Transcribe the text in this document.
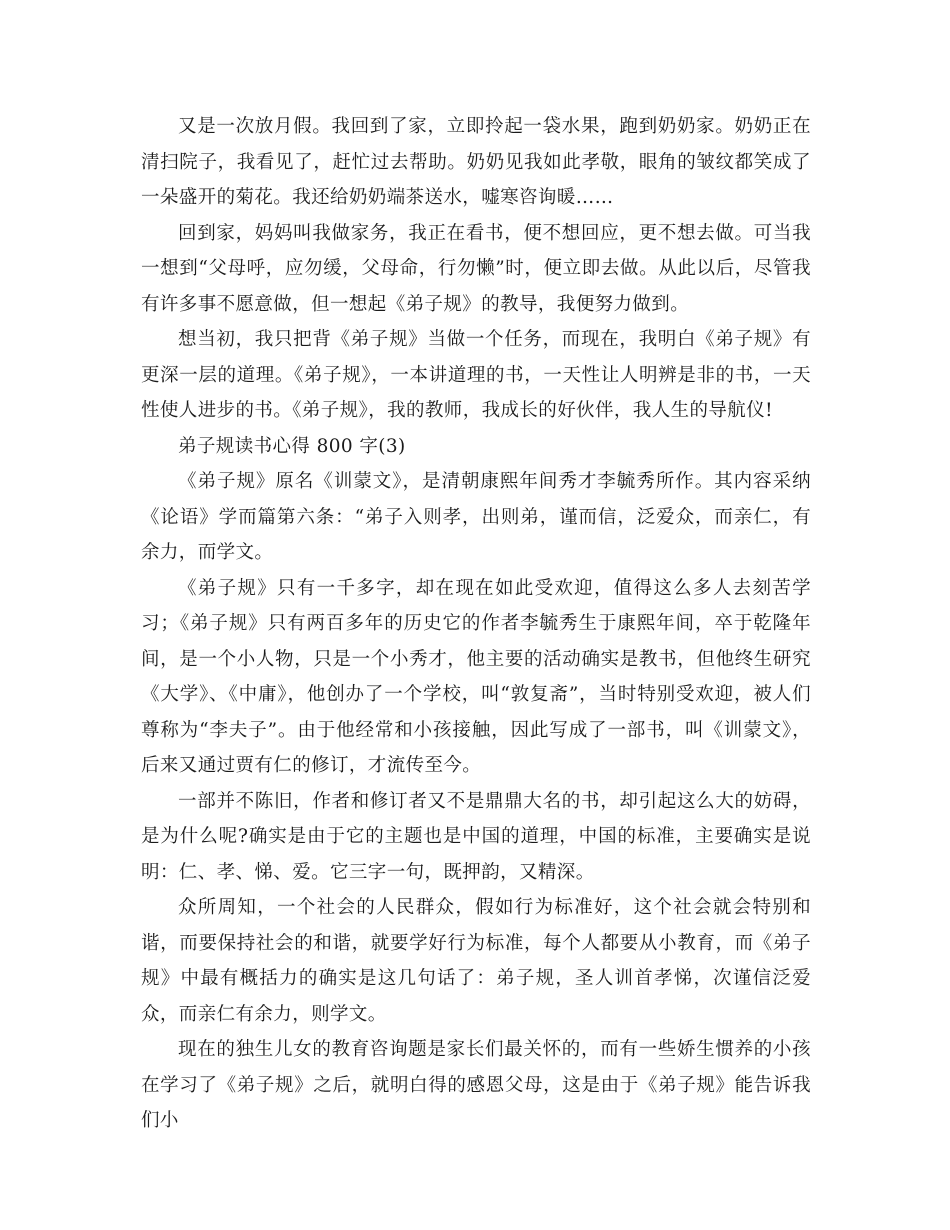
又是一次放月假。我回到了家，立即拎起一袋水果，跑到奶奶家。奶奶正在清扫院子，我看见了，赶忙过去帮助。奶奶见我如此孝敬，眼角的皱纹都笑成了一朵盛开的菊花。我还给奶奶端茶送水，嘘寒咨询暖……

回到家，妈妈叫我做家务，我正在看书，便不想回应，更不想去做。可当我一想到“父母呼，应勿缓，父母命，行勿懒”时，便立即去做。从此以后，尽管我有许多事不愿意做，但一想起《弟子规》的教导，我便努力做到。

想当初，我只把背《弟子规》当做一个任务，而现在，我明白《弟子规》有更深一层的道理。《弟子规》，一本讲道理的书，一天性让人明辨是非的书，一天性使人进步的书。《弟子规》，我的教师，我成长的好伙伴，我人生的导航仪!

弟子规读书心得 800 字(3)

《弟子规》原名《训蒙文》，是清朝康熙年间秀才李毓秀所作。其内容采纳《论语》学而篇第六条：“弟子入则孝，出则弟，谨而信，泛爱众，而亲仁，有余力，而学文。

《弟子规》只有一千多字，却在现在如此受欢迎，值得这么多人去刻苦学习；《弟子规》只有两百多年的历史它的作者李毓秀生于康熙年间，卒于乾隆年间，是一个小人物，只是一个小秀才，他主要的活动确实是教书，但他终生研究《大学》、《中庸》，他创办了一个学校，叫“敦复斋”，当时特别受欢迎，被人们尊称为“李夫子”。由于他经常和小孩接触，因此写成了一部书，叫《训蒙文》，后来又通过贾有仁的修订，才流传至今。

一部并不陈旧，作者和修订者又不是鼎鼎大名的书，却引起这么大的妨碍，是为什么呢?确实是由于它的主题也是中国的道理，中国的标准，主要确实是说明：仁、孝、悌、爱。它三字一句，既押韵，又精深。

众所周知，一个社会的人民群众，假如行为标准好，这个社会就会特别和谐，而要保持社会的和谐，就要学好行为标准，每个人都要从小教育，而《弟子规》中最有概括力的确实是这几句话了：弟子规，圣人训首孝悌，次谨信泛爱众，而亲仁有余力，则学文。

现在的独生儿女的教育咨询题是家长们最关怀的，而有一些娇生惯养的小孩在学习了《弟子规》之后，就明白得的感恩父母，这是由于《弟子规》能告诉我们小
